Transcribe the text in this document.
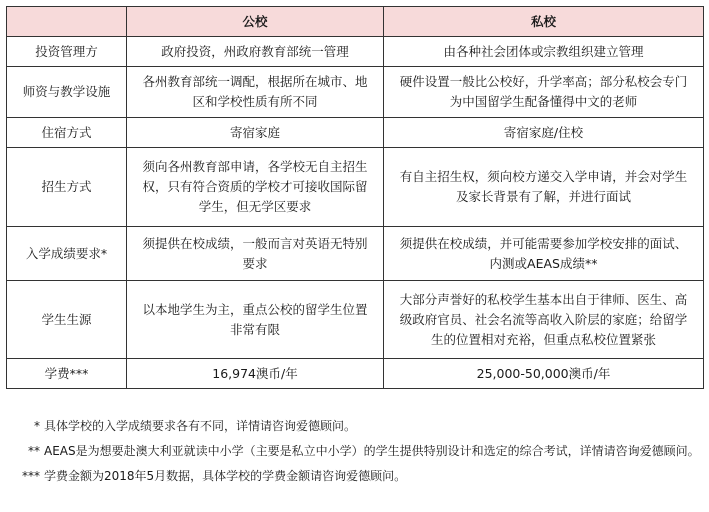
	公校	私校
投资管理方	政府投资，州政府教育部统一管理	由各种社会团体或宗教组织建立管理
师资与教学设施	各州教育部统一调配，根据所在城市、地区和学校性质有所不同	硬件设置一般比公校好，升学率高；部分私校会专门为中国留学生配备懂得中文的老师
住宿方式	寄宿家庭	寄宿家庭/住校
招生方式	须向各州教育部申请，各学校无自主招生权，只有符合资质的学校才可接收国际留学生，但无学区要求	有自主招生权，须向校方递交入学申请，并会对学生及家长背景有了解，并进行面试
入学成绩要求*	须提供在校成绩，一般而言对英语无特别要求	须提供在校成绩，并可能需要参加学校安排的面试、内测或AEAS成绩**
学生生源	以本地学生为主，重点公校的留学生位置非常有限	大部分声誉好的私校学生基本出自于律师、医生、高级政府官员、社会名流等高收入阶层的家庭；给留学生的位置相对充裕，但重点私校位置紧张
学费***	16,974澳币/年	25,000-50,000澳币/年
* 具体学校的入学成绩要求各有不同，详情请咨询爱德顾问。
** AEAS是为想要赴澳大利亚就读中小学（主要是私立中小学）的学生提供特别设计和选定的综合考试，详情请咨询爱德顾问。
*** 学费金额为2018年5月数据，具体学校的学费金额请咨询爱德顾问。
